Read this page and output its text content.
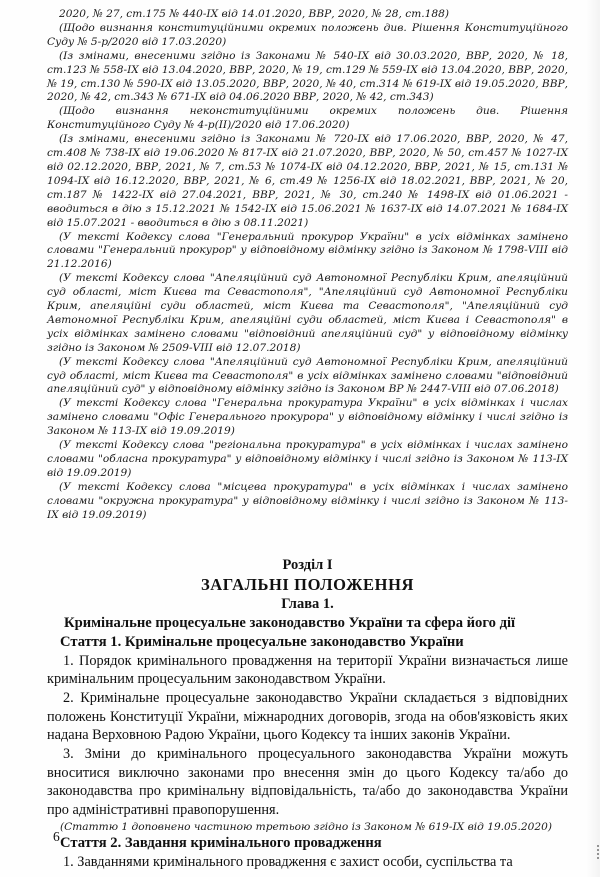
2020, № 27, ст.175 № 440-IX від 14.01.2020, ВВР, 2020, № 28, ст.188)

(Щодо визнання конституційними окремих положень див. Рішення Конституційного Суду № 5-р/2020 від 17.03.2020)

(Із змінами, внесеними згідно із Законами № 540-IX від 30.03.2020, ВВР, 2020, № 18, ст.123 № 558-IX від 13.04.2020, ВВР, 2020, № 19, ст.129 № 559-IX від 13.04.2020, ВВР, 2020, № 19, ст.130 № 590-IX від 13.05.2020, ВВР, 2020, № 40, ст.314 № 619-IX від 19.05.2020, ВВР, 2020, № 42, ст.343 № 671-IX від 04.06.2020 ВВР, 2020, № 42, ст.343)

(Щодо визнання неконституційними окремих положень див. Рішення Конституційного Суду № 4-р(II)/2020 від 17.06.2020)

(Із змінами, внесеними згідно із Законами № 720-IX від 17.06.2020, ВВР, 2020, № 47, ст.408 № 738-IX від 19.06.2020 № 817-IX від 21.07.2020, ВВР, 2020, № 50, ст.457 № 1027-IX від 02.12.2020, ВВР, 2021, № 7, ст.53 № 1074-IX від 04.12.2020, ВВР, 2021, № 15, ст.131 № 1094-IX від 16.12.2020, ВВР, 2021, № 6, ст.49 № 1256-IX від 18.02.2021, ВВР, 2021, № 20, ст.187 № 1422-IX від 27.04.2021, ВВР, 2021, № 30, ст.240 № 1498-IX від 01.06.2021 - вводиться в дію з 15.12.2021 № 1542-IX від 15.06.2021 № 1637-IX від 14.07.2021 № 1684-IX від 15.07.2021 - вводиться в дію з 08.11.2021)

(У тексті Кодексу слова "Генеральний прокурор України" в усіх відмінках замінено словами "Генеральний прокурор" у відповідному відмінку згідно із Законом № 1798-VIII від 21.12.2016)

(У тексті Кодексу слова "Апеляційний суд Автономної Республіки Крим, апеляційний суд області, міст Києва та Севастополя", "Апеляційний суд Автономної Республіки Крим, апеляційні суди областей, міст Києва та Севастополя", "Апеляційний суд Автономної Республіки Крим, апеляційні суди областей, міст Києва і Севастополя" в усіх відмінках замінено словами "відповідний апеляційний суд" у відповідному відмінку згідно із Законом № 2509-VIII від 12.07.2018)

(У тексті Кодексу слова "Апеляційний суд Автономної Республіки Крим, апеляційний суд області, міст Києва та Севастополя" в усіх відмінках замінено словами "відповідний апеляційний суд" у відповідному відмінку згідно із Законом ВР № 2447-VIII від 07.06.2018)

(У тексті Кодексу слова "Генеральна прокуратура України" в усіх відмінках і числах замінено словами "Офіс Генерального прокурора" у відповідному відмінку і числі згідно із Законом № 113-IX від 19.09.2019)

(У тексті Кодексу слова "регіональна прокуратура" в усіх відмінках і числах замінено словами "обласна прокуратура" у відповідному відмінку і числі згідно із Законом № 113-IX від 19.09.2019)

(У тексті Кодексу слова "місцева прокуратура" в усіх відмінках і числах замінено словами "окружна прокуратура" у відповідному відмінку і числі згідно із Законом № 113-IX від 19.09.2019)

Розділ I

ЗАГАЛЬНІ ПОЛОЖЕННЯ

Глава 1.

Кримінальне процесуальне законодавство України та сфера його дії

Стаття 1. Кримінальне процесуальне законодавство України

1. Порядок кримінального провадження на території України визначається лише кримінальним процесуальним законодавством України.

2. Кримінальне процесуальне законодавство України складається з відповідних положень Конституції України, міжнародних договорів, згода на обов'язковість яких надана Верховною Радою України, цього Кодексу та інших законів України.

3. Зміни до кримінального процесуального законодавства України можуть вноситися виключно законами про внесення змін до цього Кодексу та/або до законодавства про кримінальну відповідальність, та/або до законодавства України про адміністративні правопорушення.

(Статтю 1 доповнено частиною третьою згідно із Законом № 619-IX від 19.05.2020)

Стаття 2. Завдання кримінального провадження

1. Завданнями кримінального провадження є захист особи, суспільства та

6
